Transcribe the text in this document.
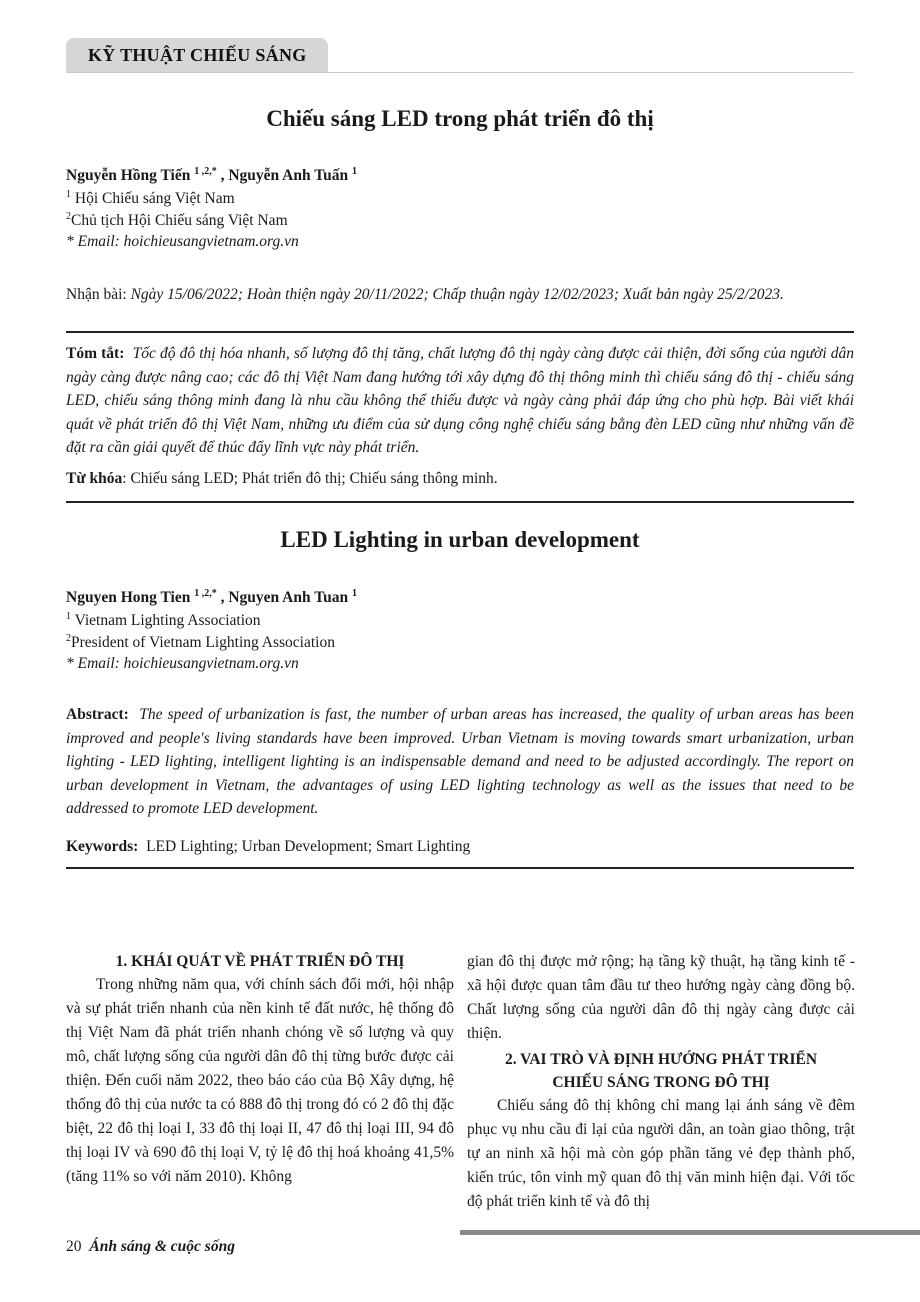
KỸ THUẬT CHIẾU SÁNG
Chiếu sáng LED trong phát triển đô thị
Nguyễn Hồng Tiến $^{1 ,2,*}$ , Nguyễn Anh Tuấn $^1$
$^1$ Hội Chiếu sáng Việt Nam
$^2$Chủ tịch Hội Chiếu sáng Việt Nam
* Email: hoichieusangvietnam.org.vn
Nhận bài: Ngày 15/06/2022; Hoàn thiện ngày 20/11/2022; Chấp thuận ngày 12/02/2023; Xuất bản ngày 25/2/2023.
Tóm tắt: Tốc độ đô thị hóa nhanh, số lượng đô thị tăng, chất lượng đô thị ngày càng được cải thiện, đời sống của người dân ngày càng được nâng cao; các đô thị Việt Nam đang hướng tới xây dựng đô thị thông minh thì chiếu sáng đô thị - chiếu sáng LED, chiếu sáng thông minh đang là nhu cầu không thể thiếu được và ngày càng phải đáp ứng cho phù hợp. Bài viết khái quát về phát triển đô thị Việt Nam, những ưu điểm của sử dụng công nghệ chiếu sáng bằng đèn LED cũng như những vấn đề đặt ra cần giải quyết để thúc đẩy lĩnh vực này phát triển.
Từ khóa: Chiếu sáng LED; Phát triển đô thị; Chiếu sáng thông minh.
LED Lighting in urban development
Nguyen Hong Tien $^{1 ,2,*}$ , Nguyen Anh Tuan $^1$
$^1$ Vietnam Lighting Association
$^2$President of Vietnam Lighting Association
* Email: hoichieusangvietnam.org.vn
Abstract: The speed of urbanization is fast, the number of urban areas has increased, the quality of urban areas has been improved and people's living standards have been improved. Urban Vietnam is moving towards smart urbanization, urban lighting - LED lighting, intelligent lighting is an indispensable demand and need to be adjusted accordingly. The report on urban development in Vietnam, the advantages of using LED lighting technology as well as the issues that need to be addressed to promote LED development.
Keywords: LED Lighting; Urban Development; Smart Lighting
1. KHÁI QUÁT VỀ PHÁT TRIỂN ĐÔ THỊ

Trong những năm qua, với chính sách đổi mới, hội nhập và sự phát triển nhanh của nền kinh tế đất nước, hệ thống đô thị Việt Nam đã phát triển nhanh chóng về số lượng và quy mô, chất lượng sống của người dân đô thị từng bước được cải thiện. Đến cuối năm 2022, theo báo cáo của Bộ Xây dựng, hệ thống đô thị của nước ta có 888 đô thị trong đó có 2 đô thị đặc biệt, 22 đô thị loại I, 33 đô thị loại II, 47 đô thị loại III, 94 đô thị loại IV và 690 đô thị loại V, tỷ lệ đô thị hoá khoảng 41,5% (tăng 11% so với năm 2010). Không

gian đô thị được mở rộng; hạ tầng kỹ thuật, hạ tầng kinh tế - xã hội được quan tâm đầu tư theo hướng ngày càng đồng bộ. Chất lượng sống của người dân đô thị ngày càng được cải thiện.

2. VAI TRÒ VÀ ĐỊNH HƯỚNG PHÁT TRIỂN
CHIẾU SÁNG TRONG ĐÔ THỊ

Chiếu sáng đô thị không chỉ mang lại ánh sáng về đêm phục vụ nhu cầu đi lại của người dân, an toàn giao thông, trật tự an ninh xã hội mà còn góp phần tăng vẻ đẹp thành phố, kiến trúc, tôn vinh mỹ quan đô thị văn minh hiện đại. Với tốc độ phát triển kinh tế và đô thị

20 Ánh sáng & cuộc sống
